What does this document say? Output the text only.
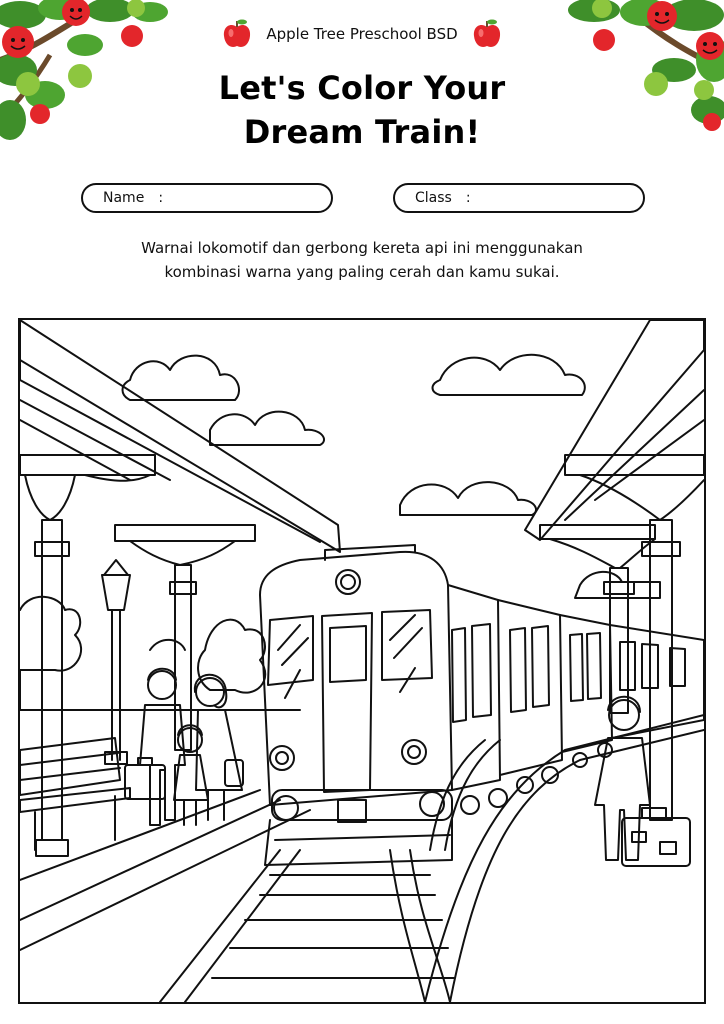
Apple Tree Preschool BSD
Let's Color Your
Dream Train!
Name :	Class :
Warnai lokomotif dan gerbong kereta api ini menggunakan
kombinasi warna yang paling cerah dan kamu sukai.
